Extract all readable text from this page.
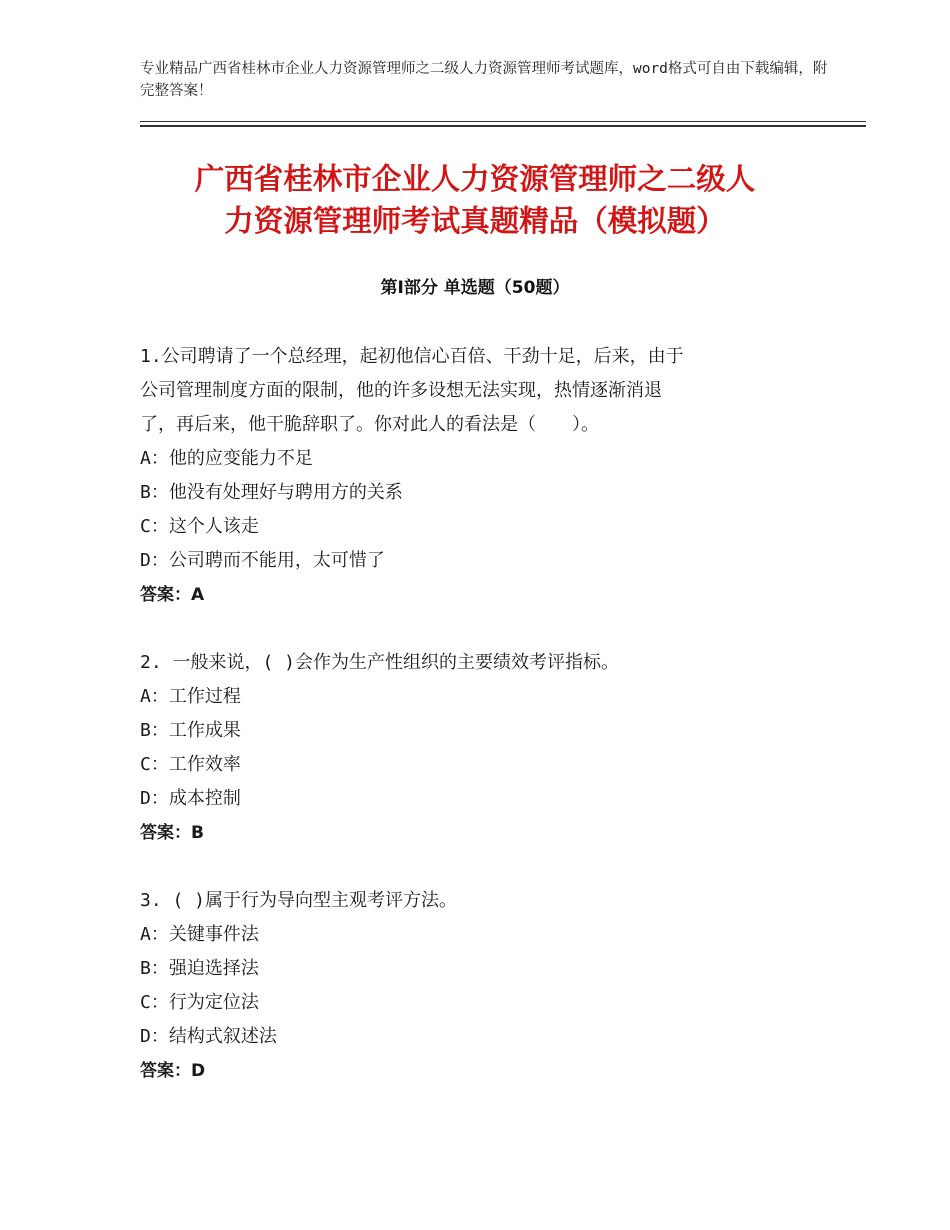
专业精品广西省桂林市企业人力资源管理师之二级人力资源管理师考试题库，word格式可自由下载编辑，附完整答案！
广西省桂林市企业人力资源管理师之二级人
力资源管理师考试真题精品（模拟题）
第Ⅰ部分 单选题（50题）
1.公司聘请了一个总经理，起初他信心百倍、干劲十足，后来，由于
公司管理制度方面的限制，他的许多设想无法实现，热情逐渐消退
了，再后来，他干脆辞职了。你对此人的看法是（　　）。
A：他的应变能力不足
B：他没有处理好与聘用方的关系
C：这个人该走
D：公司聘而不能用，太可惜了
答案：A
2. 一般来说，( )会作为生产性组织的主要绩效考评指标。
A：工作过程
B：工作成果
C：工作效率
D：成本控制
答案：B
3. ( )属于行为导向型主观考评方法。
A：关键事件法
B：强迫选择法
C：行为定位法
D：结构式叙述法
答案：D
